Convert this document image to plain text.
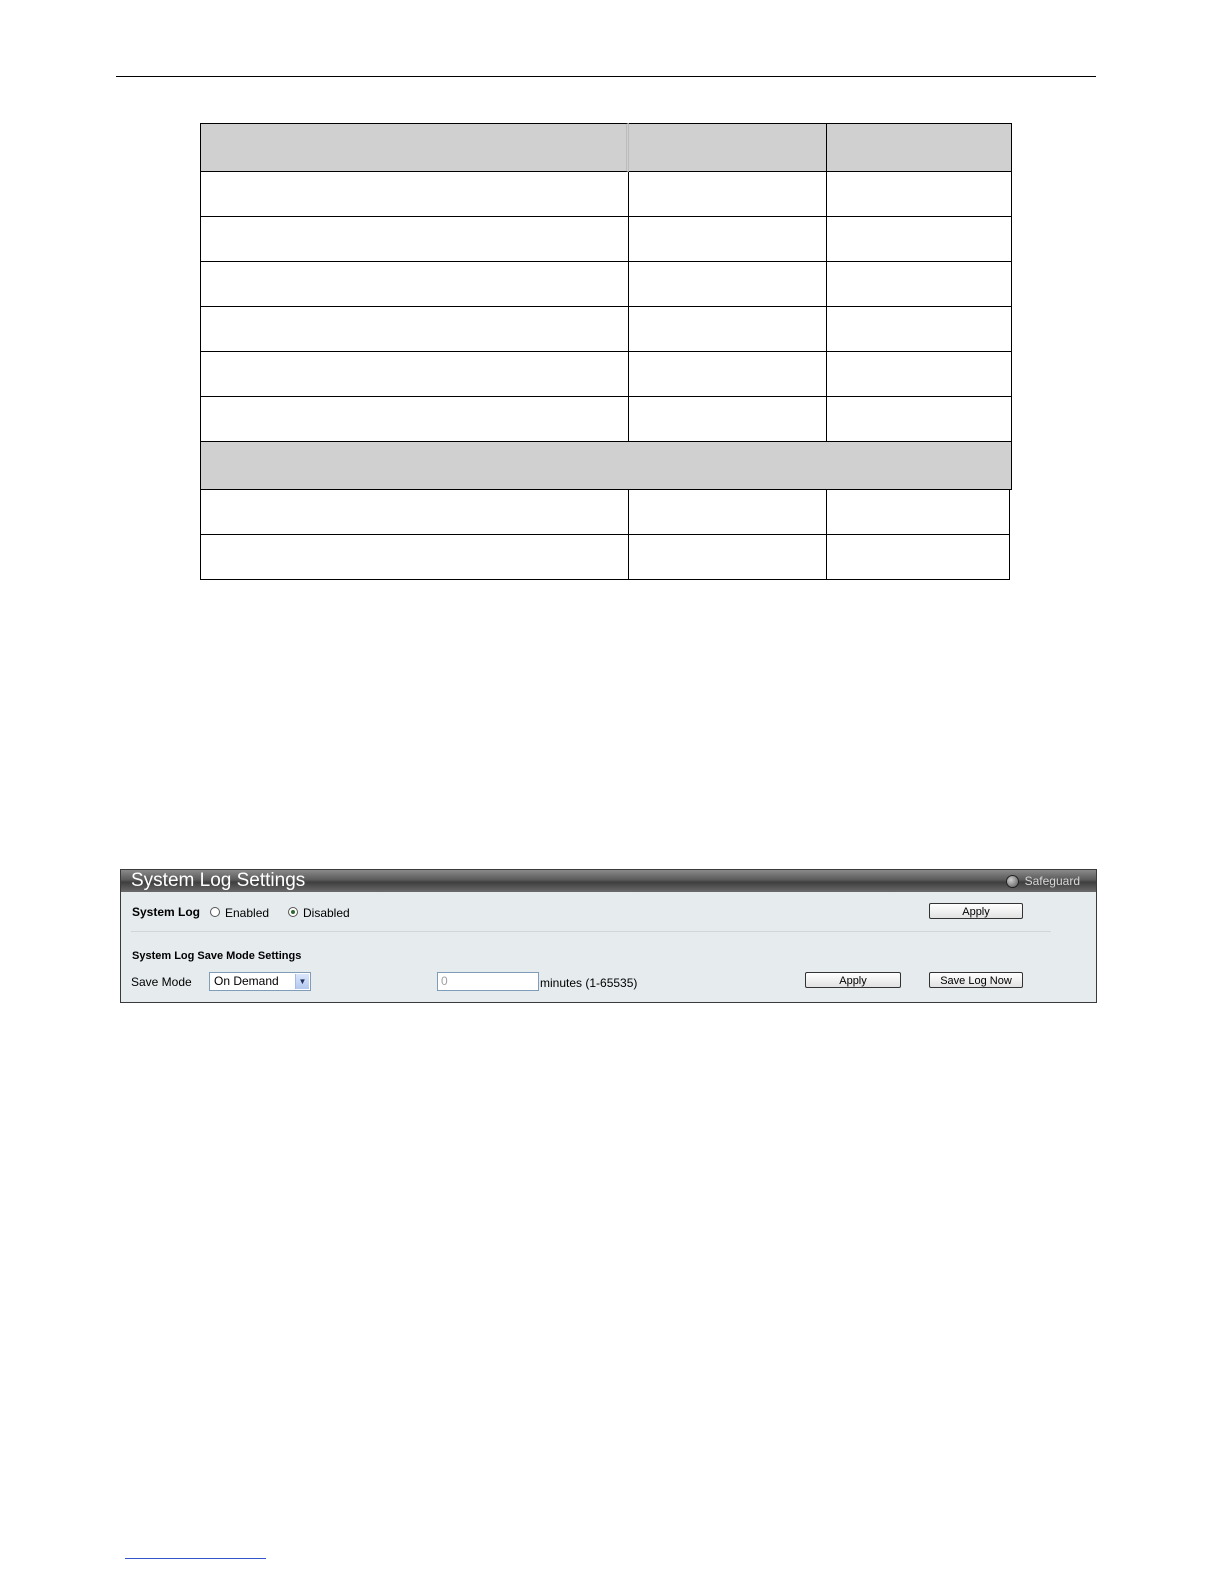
System Log Settings	Safeguard
System Log Enabled	Disabled	Apply
System Log Save Mode Settings
Save Mode	On Demand	▼	0	minutes (1-65535)	Apply	Save Log Now
